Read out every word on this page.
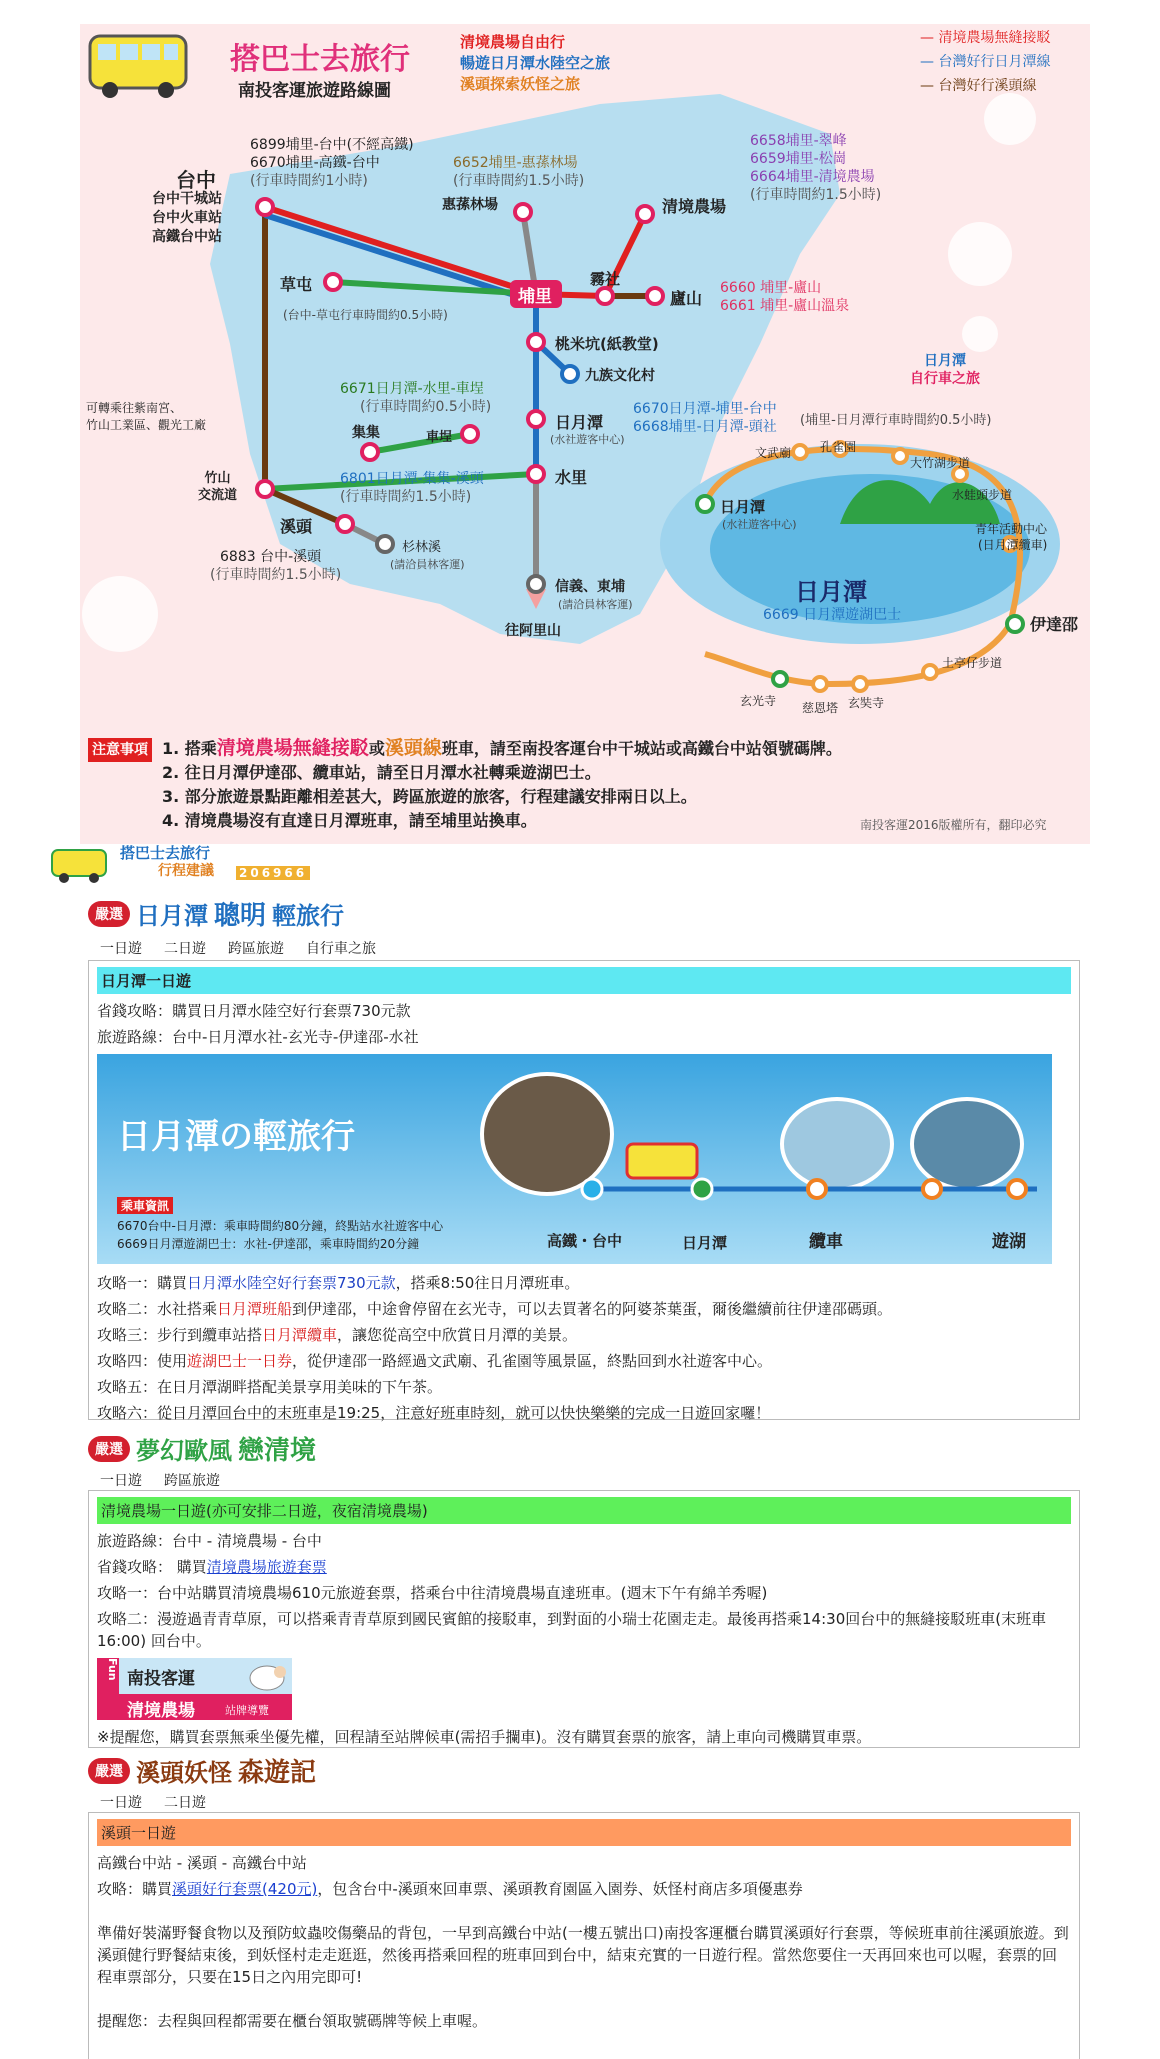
搭巴士去旅行
南投客運旅遊路線圖
清境農場自由行
暢遊日月潭水陸空之旅
溪頭探索妖怪之旅
— 清境農場無縫接駁
— 台灣好行日月潭線
— 台灣好行溪頭線
台中
台中干城站
台中火車站
高鐵台中站
6899埔里-台中(不經高鐵)
6670埔里-高鐵-台中
(行車時間約1小時)
6652埔里-惠蓀林場
(行車時間約1.5小時)
惠蓀林場	清境農場
6658埔里-翠峰
6659埔里-松崗
6664埔里-清境農場
(行車時間約1.5小時)
草屯
(台中-草屯行車時間約0.5小時)
埔里
霧社
廬山
6660 埔里-廬山
6661 埔里-廬山溫泉
桃米坑(紙教堂)
九族文化村
日月潭
(水社遊客中心)
6670日月潭-埔里-台中
6668埔里-日月潭-頭社 (埔里-日月潭行車時間約0.5小時)
日月潭
自行車之旅
可轉乘往紫南宮、
竹山工業區、觀光工廠
6671日月潭-水里-車埕
(行車時間約0.5小時)
集集	車埕
6801日月潭-集集-溪頭
(行車時間約1.5小時)
水里
竹山
交流道
溪頭
杉林溪
(請洽員林客運)
6883 台中-溪頭
(行車時間約1.5小時)
信義、東埔
(請洽員林客運)
往阿里山
日月潭
6669 日月潭遊湖巴士
日月潭
(水社遊客中心)
文武廟 孔雀園
大竹湖步道
水蛙頭步道
青年活動中心
(日月潭纜車)
伊達邵
土亭仔步道
玄奘寺
慈恩塔
玄光寺
注意事項 1. 搭乘清境農場無縫接駁或溪頭線班車，請至南投客運台中干城站或高鐵台中站領號碼牌。
2. 往日月潭伊達邵、纜車站，請至日月潭水社轉乘遊湖巴士。
3. 部分旅遊景點距離相差甚大，跨區旅遊的旅客，行程建議安排兩日以上。
4. 清境農場沒有直達日月潭班車，請至埔里站換車。	南投客運2016版權所有，翻印必究
搭巴士去旅行
行程建議 206966
嚴選 日月潭 聰明 輕旅行
一日遊 二日遊 跨區旅遊 自行車之旅
日月潭一日遊
省錢攻略：購買日月潭水陸空好行套票730元款
旅遊路線：台中-日月潭水社-玄光寺-伊達邵-水社
日月潭の輕旅行
乘車資訊
6670台中-日月潭：乘車時間約80分鐘，終點站水社遊客中心
6669日月潭遊湖巴士：水社-伊達邵，乘車時間約20分鐘	高鐵・台中	日月潭	纜車	遊湖
攻略一：購買日月潭水陸空好行套票730元款，搭乘8:50往日月潭班車。
攻略二：水社搭乘日月潭班船到伊達邵，中途會停留在玄光寺，可以去買著名的阿婆茶葉蛋，爾後繼續前往伊達邵碼頭。
攻略三：步行到纜車站搭日月潭纜車，讓您從高空中欣賞日月潭的美景。
攻略四：使用遊湖巴士一日券，從伊達邵一路經過文武廟、孔雀園等風景區，終點回到水社遊客中心。
攻略五：在日月潭湖畔搭配美景享用美味的下午茶。
攻略六：從日月潭回台中的末班車是19:25，注意好班車時刻，就可以快快樂樂的完成一日遊回家囉！
嚴選 夢幻歐風 戀清境
一日遊 跨區旅遊
清境農場一日遊(亦可安排二日遊，夜宿清境農場)
旅遊路線：台中 - 清境農場 - 台中
省錢攻略： 購買清境農場旅遊套票
攻略一：台中站購買清境農場610元旅遊套票，搭乘台中往清境農場直達班車。(週末下午有綿羊秀喔)
攻略二：漫遊過青青草原，可以搭乘青青草原到國民賓館的接駁車，到對面的小瑞士花園走走。最後再搭乘14:30回台中的無縫接駁班車(末班車16:00) 回台中。
Fun 南投客運
清境農場	站牌導覽
※提醒您，購買套票無乘坐優先權，回程請至站牌候車(需招手攔車)。沒有購買套票的旅客，請上車向司機購買車票。
嚴選 溪頭妖怪 森遊記
一日遊 二日遊
溪頭一日遊
高鐵台中站 - 溪頭 - 高鐵台中站
攻略：購買溪頭好行套票(420元)，包含台中-溪頭來回車票、溪頭教育園區入園券、妖怪村商店多項優惠券
準備好裝滿野餐食物以及預防蚊蟲咬傷藥品的背包，一早到高鐵台中站(一樓五號出口)南投客運櫃台購買溪頭好行套票，等候班車前往溪頭旅遊。到溪頭健行野餐結束後，到妖怪村走走逛逛，然後再搭乘回程的班車回到台中，結束充實的一日遊行程。當然您要住一天再回來也可以喔，套票的回程車票部分，只要在15日之內用完即可!
提醒您：去程與回程都需要在櫃台領取號碼牌等候上車喔。
